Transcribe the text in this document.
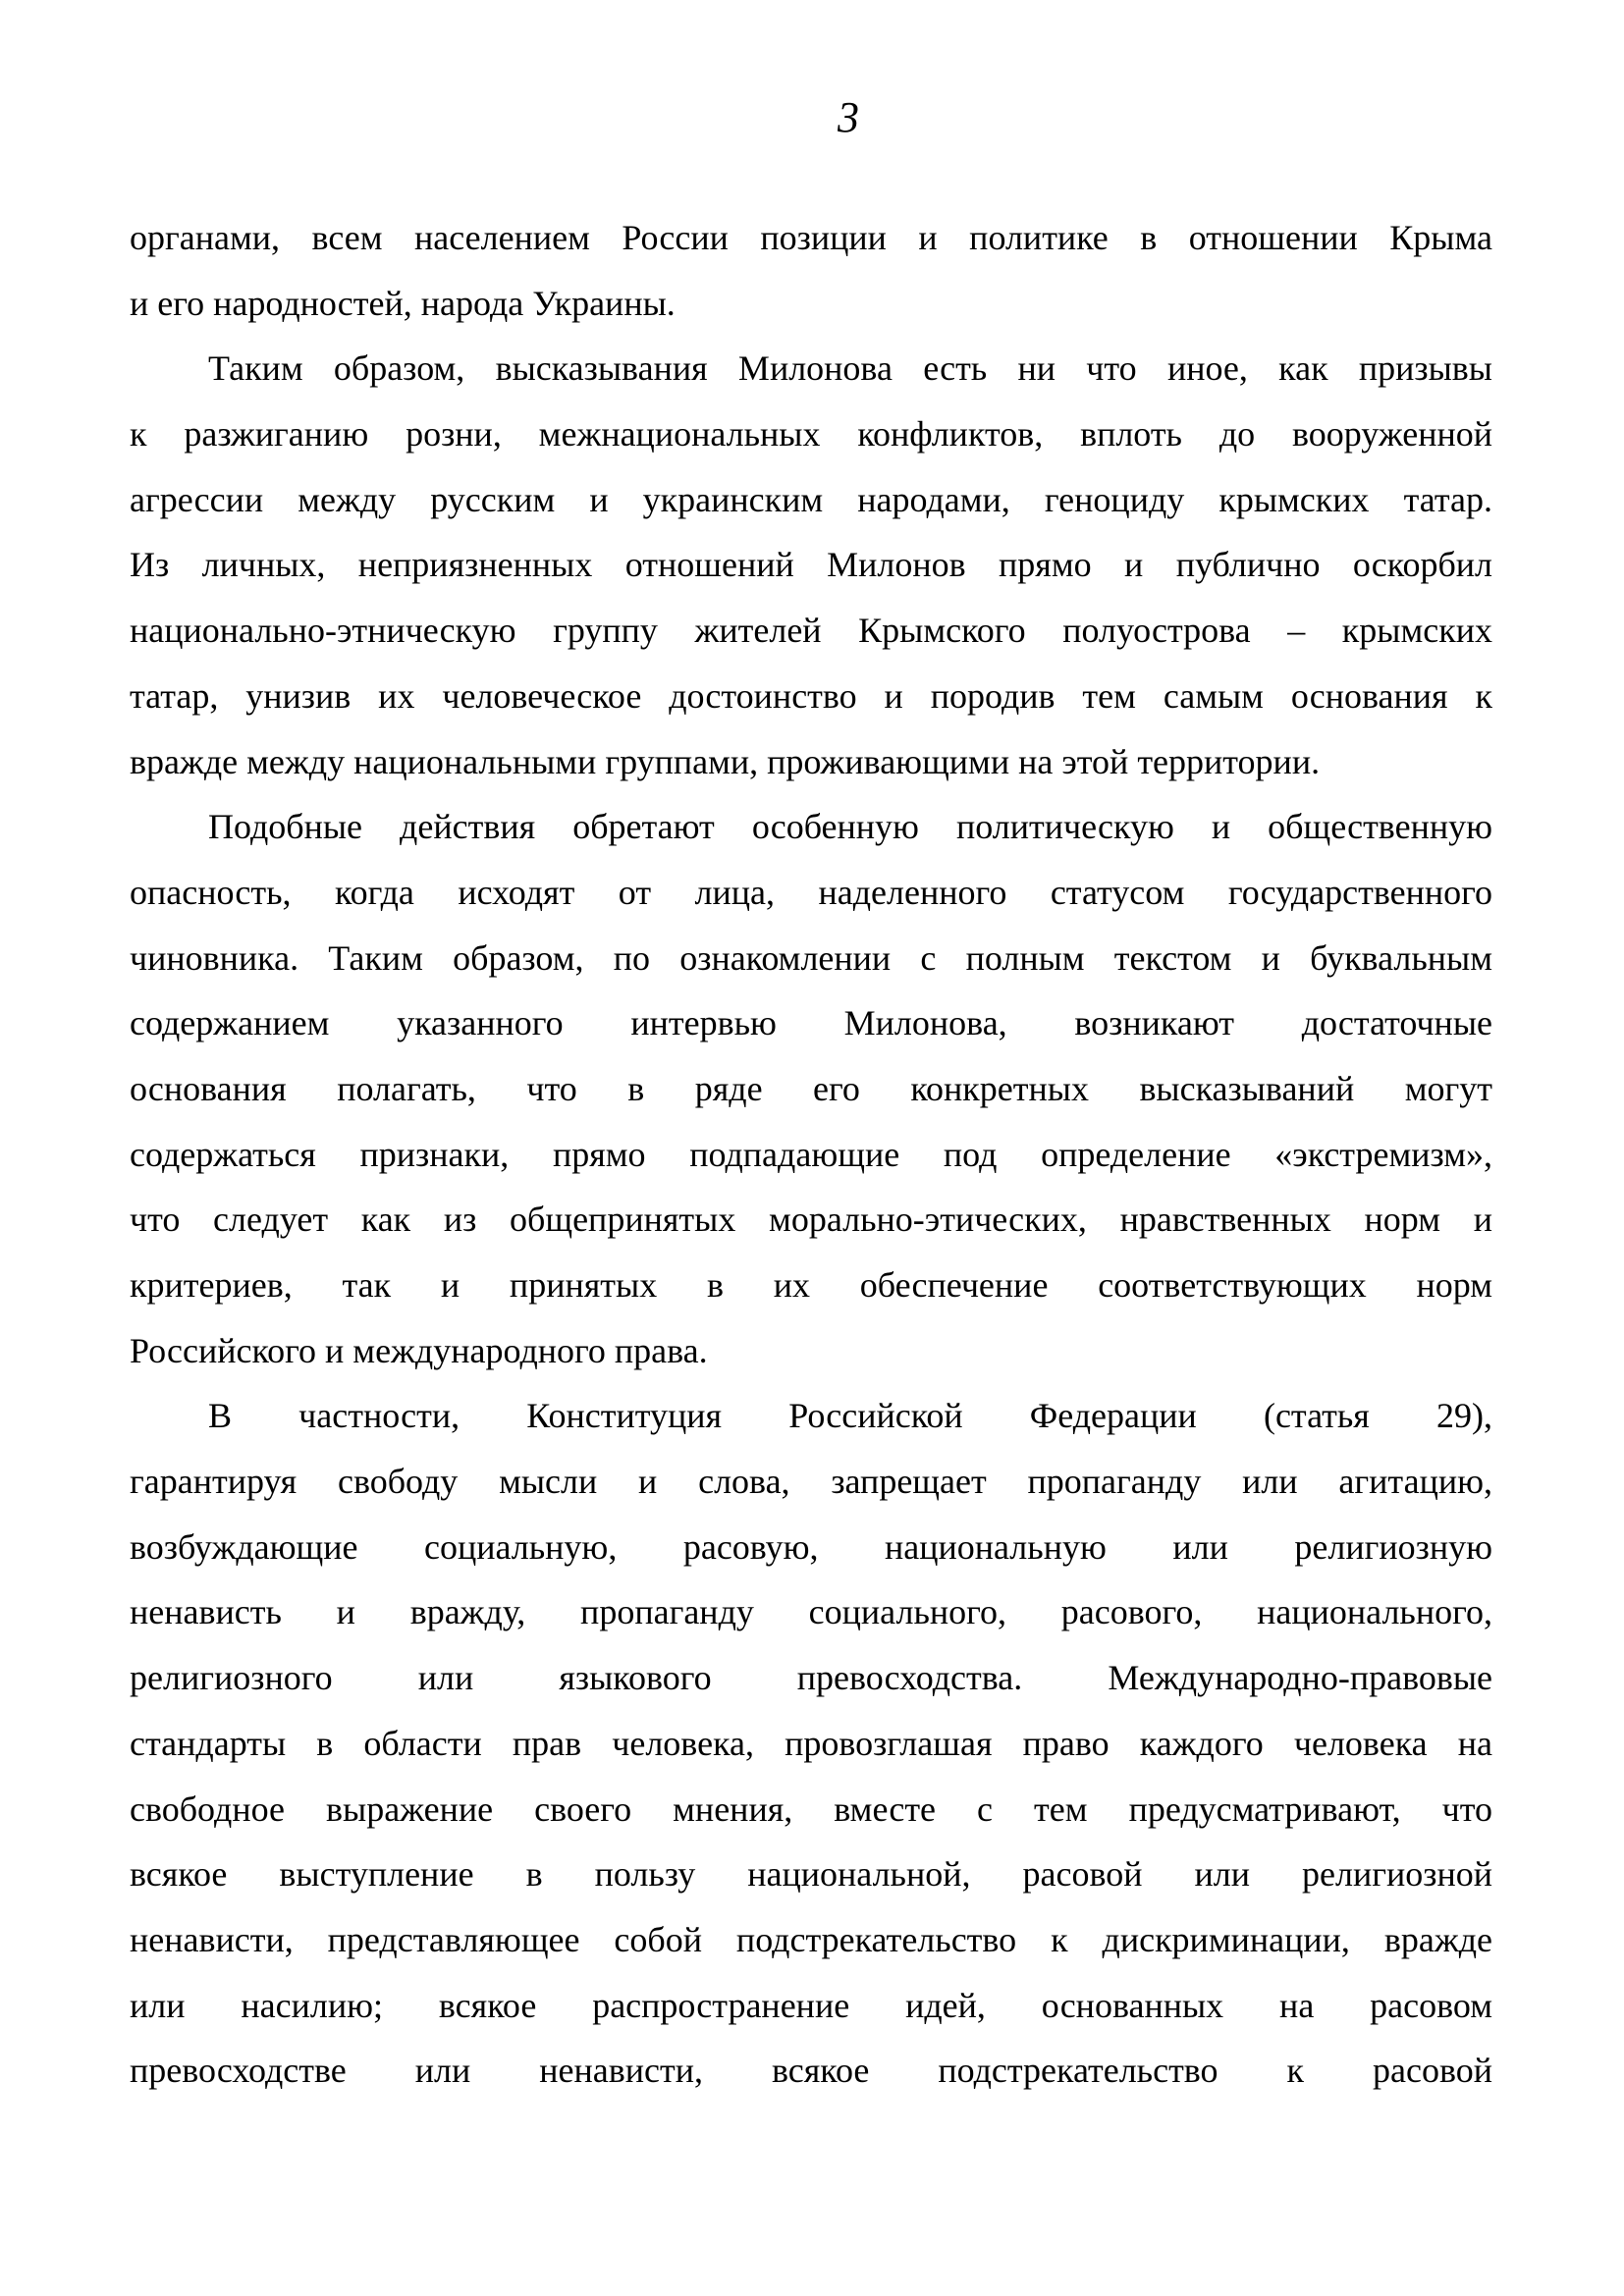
3
органами, всем населением России позиции и политике в отношении Крыма
и его народностей, народа Украины.
Таким образом, высказывания Милонова есть ни что иное, как призывы
к разжиганию розни, межнациональных конфликтов, вплоть до вооруженной
агрессии между русским и украинским народами, геноциду крымских татар.
Из личных, неприязненных отношений Милонов прямо и публично оскорбил
национально-этническую группу жителей Крымского полуострова – крымских
татар, унизив их человеческое достоинство и породив тем самым основания к
вражде между национальными группами, проживающими на этой территории.
Подобные действия обретают особенную политическую и общественную
опасность, когда исходят от лица, наделенного статусом государственного
чиновника. Таким образом, по ознакомлении с полным текстом и буквальным
содержанием указанного интервью Милонова, возникают достаточные
основания полагать, что в ряде его конкретных высказываний могут
содержаться признаки, прямо подпадающие под определение «экстремизм»,
что следует как из общепринятых морально-этических, нравственных норм и
критериев, так и принятых в их обеспечение соответствующих норм
Российского и международного права.
В частности, Конституция Российской Федерации (статья 29),
гарантируя свободу мысли и слова, запрещает пропаганду или агитацию,
возбуждающие социальную, расовую, национальную или религиозную
ненависть и вражду, пропаганду социального, расового, национального,
религиозного или языкового превосходства. Международно-правовые
стандарты в области прав человека, провозглашая право каждого человека на
свободное выражение своего мнения, вместе с тем предусматривают, что
всякое выступление в пользу национальной, расовой или религиозной
ненависти, представляющее собой подстрекательство к дискриминации, вражде
или насилию; всякое распространение идей, основанных на расовом
превосходстве или ненависти, всякое подстрекательство к расовой
